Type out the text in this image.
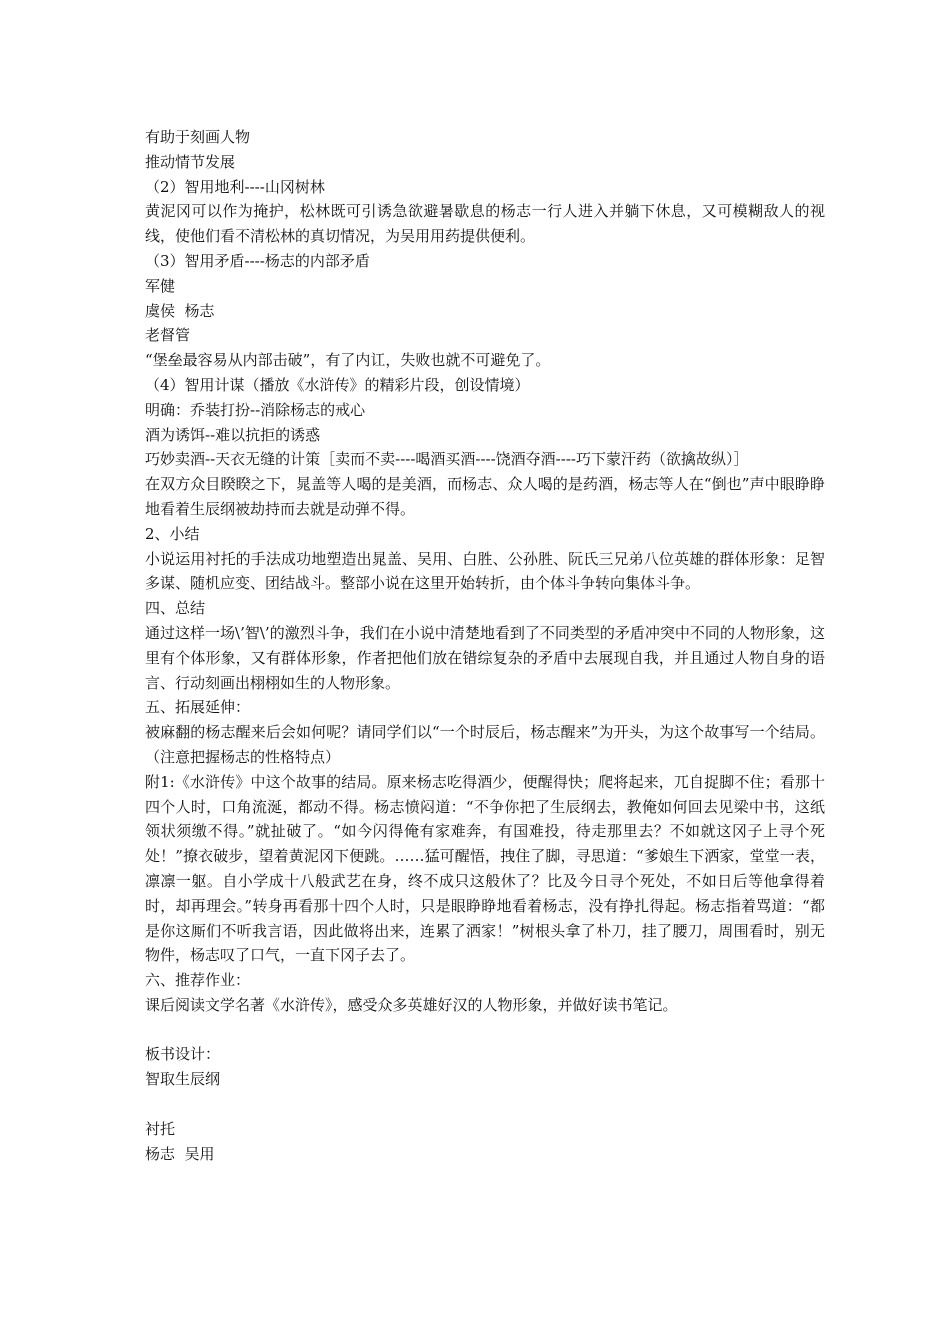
有助于刻画人物

推动情节发展

（2）智用地利----山冈树林

黄泥冈可以作为掩护，松林既可引诱急欲避暑歇息的杨志一行人进入并躺下休息，又可模糊敌人的视线，使他们看不清松林的真切情况，为吴用用药提供便利。

（3）智用矛盾----杨志的内部矛盾

军健

虞侯  杨志

老督管

“堡垒最容易从内部击破”，有了内讧，失败也就不可避免了。

（4）智用计谋（播放《水浒传》的精彩片段，创设情境）

明确：乔装打扮--消除杨志的戒心

酒为诱饵--难以抗拒的诱惑

巧妙卖酒--天衣无缝的计策［卖而不卖----喝酒买酒----饶酒夺酒----巧下蒙汗药（欲擒故纵）］

在双方众目睽睽之下，晁盖等人喝的是美酒，而杨志、众人喝的是药酒，杨志等人在“倒也”声中眼睁睁地看着生辰纲被劫持而去就是动弹不得。

2、小结

小说运用衬托的手法成功地塑造出晁盖、吴用、白胜、公孙胜、阮氏三兄弟八位英雄的群体形象：足智多谋、随机应变、团结战斗。整部小说在这里开始转折，由个体斗争转向集体斗争。

四、总结

通过这样一场\’智\’的激烈斗争，我们在小说中清楚地看到了不同类型的矛盾冲突中不同的人物形象，这里有个体形象，又有群体形象，作者把他们放在错综复杂的矛盾中去展现自我，并且通过人物自身的语言、行动刻画出栩栩如生的人物形象。

五、拓展延伸：

被麻翻的杨志醒来后会如何呢？请同学们以“一个时辰后，杨志醒来”为开头，为这个故事写一个结局。（注意把握杨志的性格特点）

附1:《水浒传》中这个故事的结局。原来杨志吃得酒少，便醒得快；爬将起来，兀自捉脚不住；看那十四个人时，口角流涎，都动不得。杨志愤闷道：“不争你把了生辰纲去，教俺如何回去见梁中书，这纸领状须缴不得。”就扯破了。“如今闪得俺有家难奔，有国难投，待走那里去？不如就这冈子上寻个死处！”撩衣破步，望着黄泥冈下便跳。……猛可醒悟，拽住了脚，寻思道：“爹娘生下洒家，堂堂一表，凛凛一躯。自小学成十八般武艺在身，终不成只这般休了？比及今日寻个死处，不如日后等他拿得着时，却再理会。”转身再看那十四个人时，只是眼睁睁地看着杨志，没有挣扎得起。杨志指着骂道：“都是你这厮们不听我言语，因此做将出来，连累了洒家！”树根头拿了朴刀，挂了腰刀，周围看时，别无物件，杨志叹了口气，一直下冈子去了。

六、推荐作业：

课后阅读文学名著《水浒传》，感受众多英雄好汉的人物形象，并做好读书笔记。

板书设计：

智取生辰纲

衬托

杨志  吴用
